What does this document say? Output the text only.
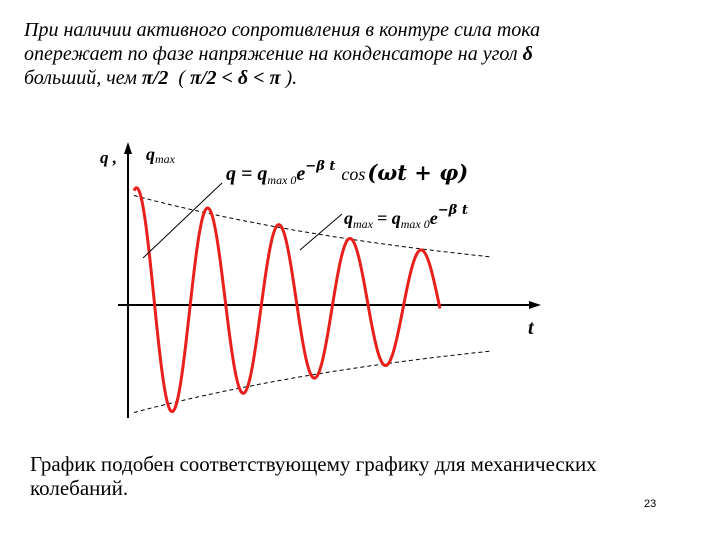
При наличии активного сопротивления в контуре сила тока
опережает по фазе напряжение на конденсаторе на угол δ
больший, чем π/2 ( π/2 < δ < π ).
q , qmax
t
$q = q_{max 0}e^{-\beta t}$ cos(ωt + φ)
$q_{max} = q_{max 0}e^{-\beta t}$
График подобен соответствующему графику для механических
колебаний.
23
